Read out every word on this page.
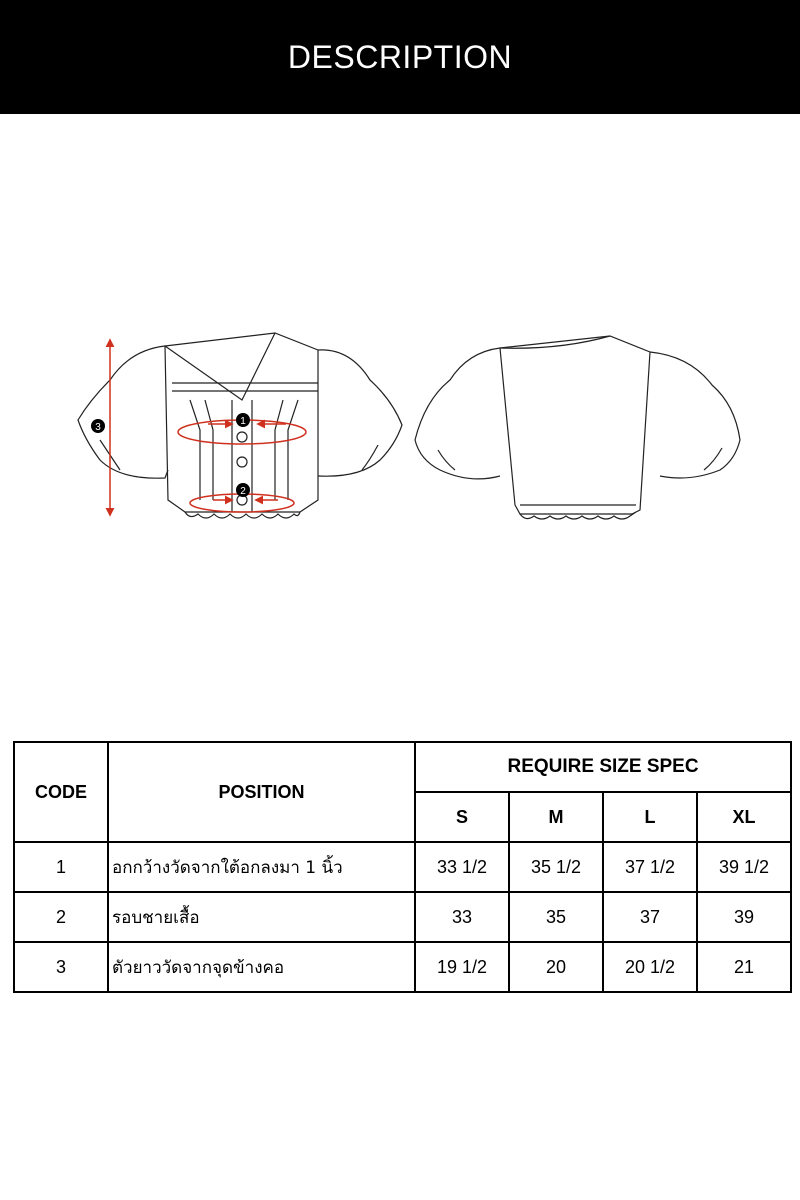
DESCRIPTION
1
2
3
CODE	POSITION	REQUIRE SIZE SPEC			
		S	M	L	XL
1	อกกว้างวัดจากใต้อกลงมา 1 นิ้ว	33 1/2	35 1/2	37 1/2	39 1/2
2	รอบชายเสื้อ	33	35	37	39
3	ตัวยาววัดจากจุดข้างคอ	19 1/2	20	20 1/2	21
